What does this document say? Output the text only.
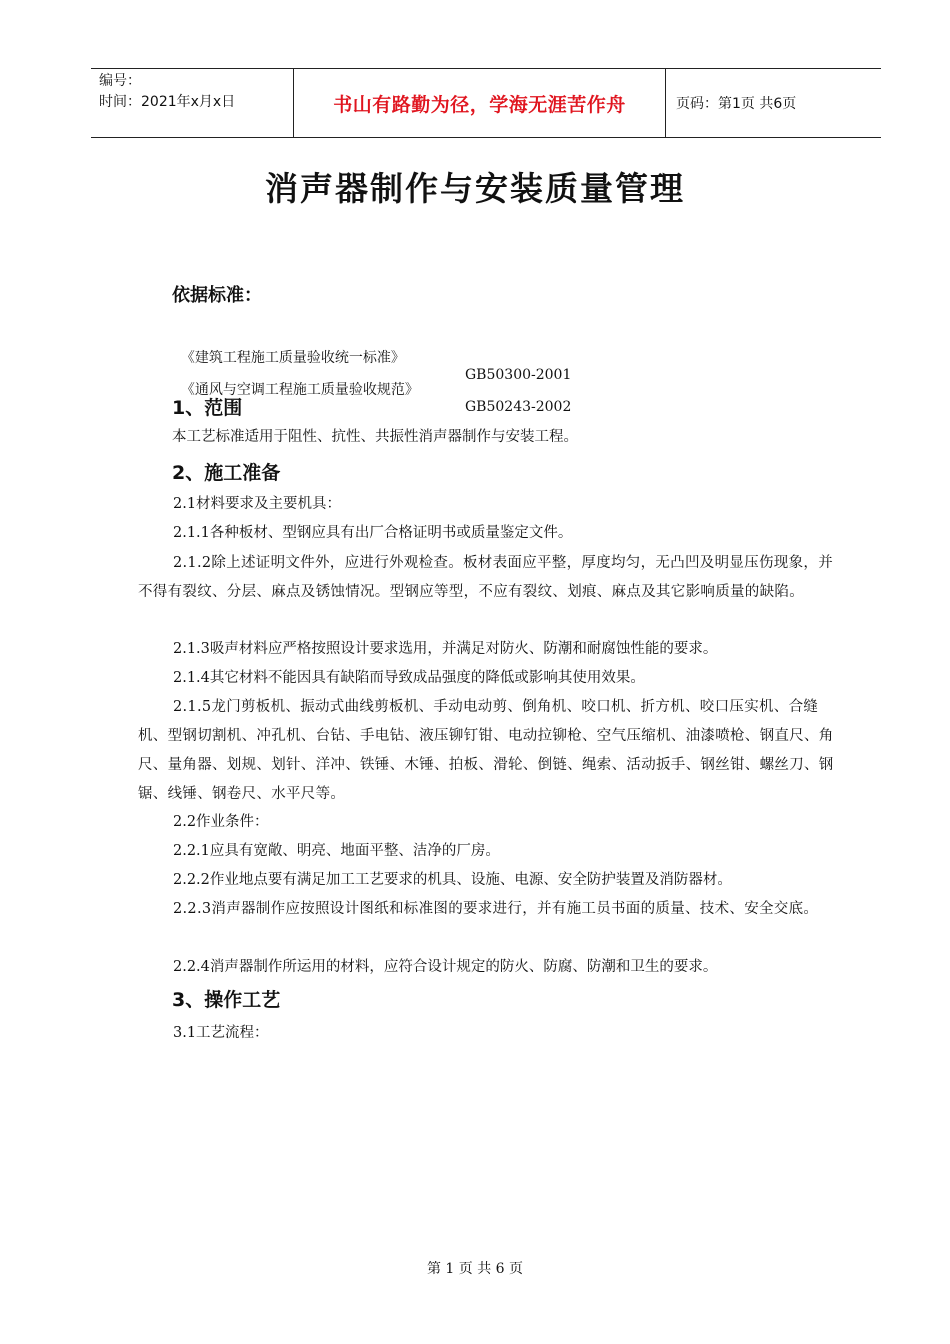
编号：
时间：2021年x月x日	书山有路勤为径，学海无涯苦作舟	页码：第1页 共6页
消声器制作与安装质量管理
依据标准：

《建筑工程施工质量验收统一标准》

GB50300-2001

《通风与空调工程施工质量验收规范》

GB50243-2002

1、范围
本工艺标准适用于阻性、抗性、共振性消声器制作与安装工程。
2、施工准备
2.1材料要求及主要机具：
2.1.1各种板材、型钢应具有出厂合格证明书或质量鉴定文件。
2.1.2除上述证明文件外，应进行外观检查。板材表面应平整，厚度均匀，无凸凹及明显压伤现象，并不得有裂纹、分层、麻点及锈蚀情况。型钢应等型，不应有裂纹、划痕、麻点及其它影响质量的缺陷。
2.1.3吸声材料应严格按照设计要求选用，并满足对防火、防潮和耐腐蚀性能的要求。
2.1.4其它材料不能因具有缺陷而导致成品强度的降低或影响其使用效果。
2.1.5龙门剪板机、振动式曲线剪板机、手动电动剪、倒角机、咬口机、折方机、咬口压实机、合缝机、型钢切割机、冲孔机、台钻、手电钻、液压铆钉钳、电动拉铆枪、空气压缩机、油漆喷枪、钢直尺、角尺、量角器、划规、划针、洋冲、铁锤、木锤、拍板、滑轮、倒链、绳索、活动扳手、钢丝钳、螺丝刀、钢锯、线锤、钢卷尺、水平尺等。
2.2作业条件：
2.2.1应具有宽敞、明亮、地面平整、洁净的厂房。
2.2.2作业地点要有满足加工工艺要求的机具、设施、电源、安全防护装置及消防器材。
2.2.3消声器制作应按照设计图纸和标准图的要求进行，并有施工员书面的质量、技术、安全交底。
2.2.4消声器制作所运用的材料，应符合设计规定的防火、防腐、防潮和卫生的要求。
3、操作工艺
3.1工艺流程：
第 1 页 共 6 页
